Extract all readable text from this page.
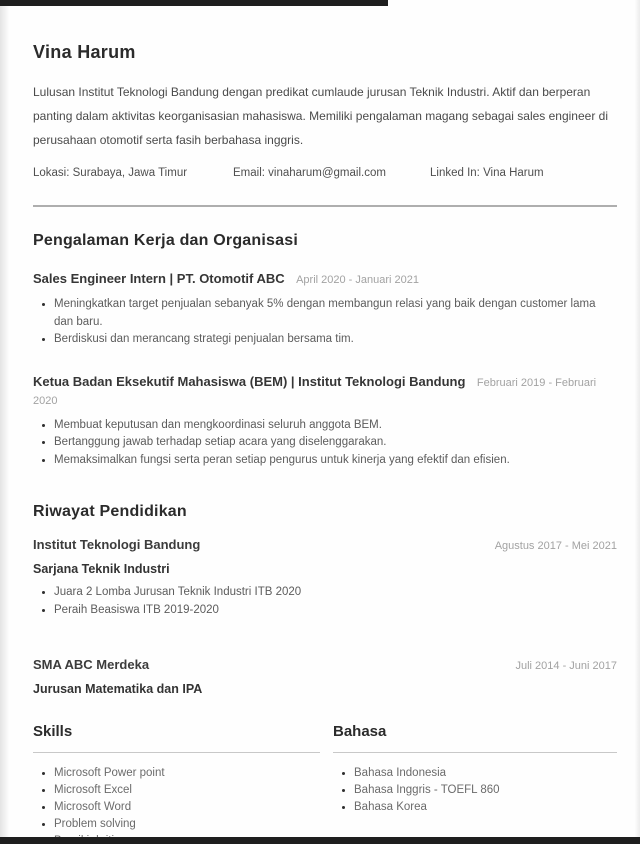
Vina Harum

Lulusan Institut Teknologi Bandung dengan predikat cumlaude jurusan Teknik Industri. Aktif dan berperan panting dalam aktivitas keorganisasian mahasiswa. Memiliki pengalaman magang sebagai sales engineer di perusahaan otomotif serta fasih berbahasa inggris.

Lokasi: Surabaya, Jawa Timur	Email: vinaharum@gmail.com	Linked In: Vina Harum
Pengalaman Kerja dan Organisasi
Sales Engineer Intern | PT. Otomotif ABC April 2020 - Januari 2021
• Meningkatkan target penjualan sebanyak 5% dengan membangun relasi yang baik dengan customer lama dan baru.
• Berdiskusi dan merancang strategi penjualan bersama tim.
Ketua Badan Eksekutif Mahasiswa (BEM) | Institut Teknologi Bandung Februari 2019 - Februari 2020
• Membuat keputusan dan mengkoordinasi seluruh anggota BEM.
• Bertanggung jawab terhadap setiap acara yang diselenggarakan.
• Memaksimalkan fungsi serta peran setiap pengurus untuk kinerja yang efektif dan efisien.
Riwayat Pendidikan
Institut Teknologi Bandung	Agustus 2017 - Mei 2021
Sarjana Teknik Industri
• Juara 2 Lomba Jurusan Teknik Industri ITB 2020
• Peraih Beasiswa ITB 2019-2020
SMA ABC Merdeka	Juli 2014 - Juni 2017
Jurusan Matematika dan IPA
Skills
• Microsoft Power point
• Microsoft Excel
• Microsoft Word
• Problem solving
•
Bahasa
• Bahasa Indonesia
• Bahasa Inggris - TOEFL 860
• Bahasa Korea
